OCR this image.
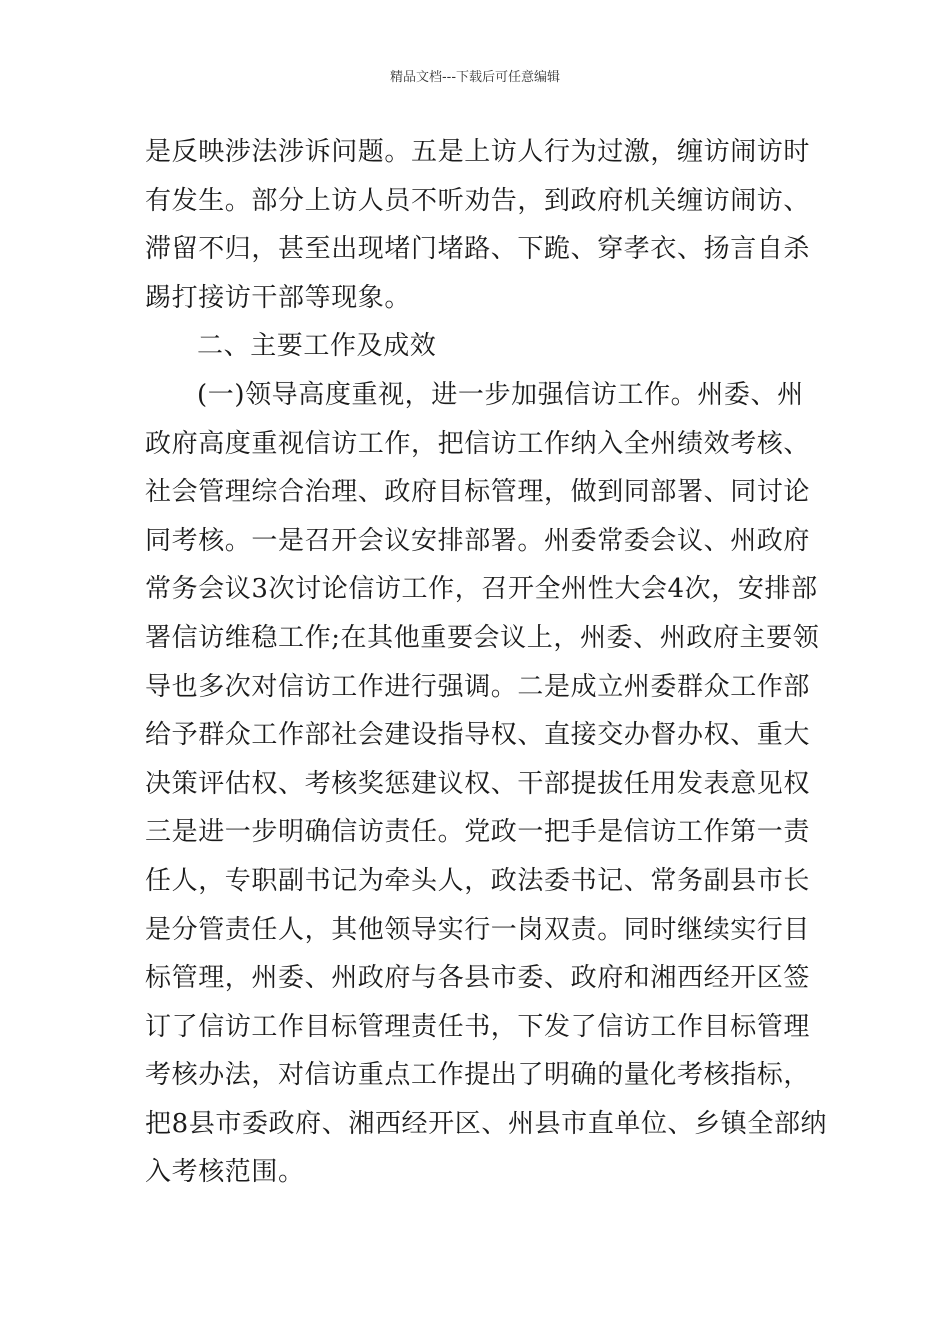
精品文档---下载后可任意编辑
是反映涉法涉诉问题。五是上访人行为过激，缠访闹访时
有发生。部分上访人员不听劝告，到政府机关缠访闹访、
滞留不归，甚至出现堵门堵路、下跪、穿孝衣、扬言自杀
踢打接访干部等现象。
二、主要工作及成效
(一)领导高度重视，进一步加强信访工作。州委、州
政府高度重视信访工作，把信访工作纳入全州绩效考核、
社会管理综合治理、政府目标管理，做到同部署、同讨论
同考核。一是召开会议安排部署。州委常委会议、州政府
常务会议3次讨论信访工作，召开全州性大会4次，安排部
署信访维稳工作;在其他重要会议上，州委、州政府主要领
导也多次对信访工作进行强调。二是成立州委群众工作部
给予群众工作部社会建设指导权、直接交办督办权、重大
决策评估权、考核奖惩建议权、干部提拔任用发表意见权
三是进一步明确信访责任。党政一把手是信访工作第一责
任人，专职副书记为牵头人，政法委书记、常务副县市长
是分管责任人，其他领导实行一岗双责。同时继续实行目
标管理，州委、州政府与各县市委、政府和湘西经开区签
订了信访工作目标管理责任书，下发了信访工作目标管理
考核办法，对信访重点工作提出了明确的量化考核指标，
把8县市委政府、湘西经开区、州县市直单位、乡镇全部纳
入考核范围。
